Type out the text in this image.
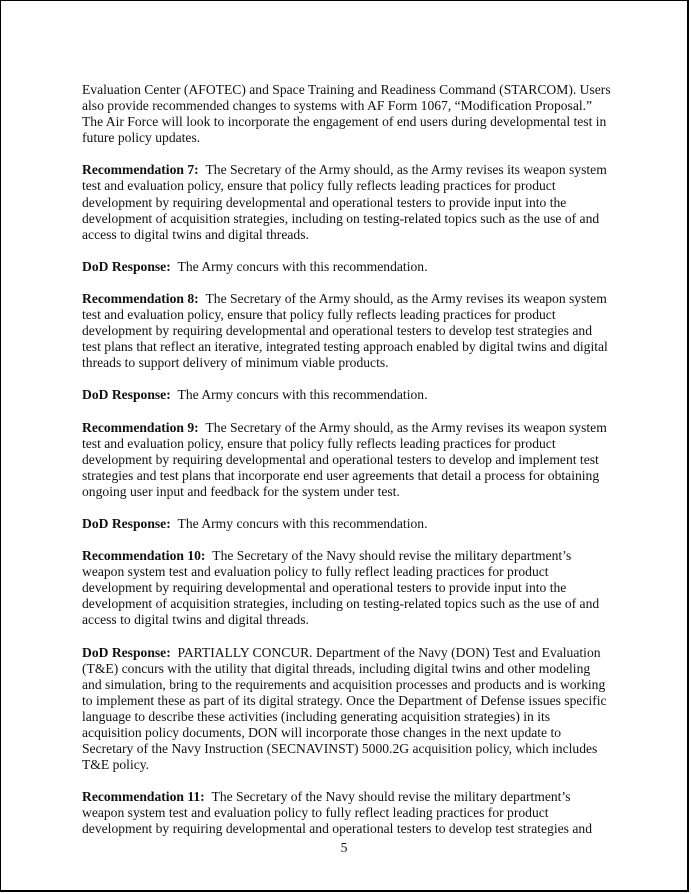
Evaluation Center (AFOTEC) and Space Training and Readiness Command (STARCOM). Users also provide recommended changes to systems with AF Form 1067, “Modification Proposal.” The Air Force will look to incorporate the engagement of end users during developmental test in future policy updates.

Recommendation 7: The Secretary of the Army should, as the Army revises its weapon system test and evaluation policy, ensure that policy fully reflects leading practices for product development by requiring developmental and operational testers to provide input into the development of acquisition strategies, including on testing-related topics such as the use of and access to digital twins and digital threads.

DoD Response: The Army concurs with this recommendation.

Recommendation 8: The Secretary of the Army should, as the Army revises its weapon system test and evaluation policy, ensure that policy fully reflects leading practices for product development by requiring developmental and operational testers to develop test strategies and test plans that reflect an iterative, integrated testing approach enabled by digital twins and digital threads to support delivery of minimum viable products.

DoD Response: The Army concurs with this recommendation.

Recommendation 9: The Secretary of the Army should, as the Army revises its weapon system test and evaluation policy, ensure that policy fully reflects leading practices for product development by requiring developmental and operational testers to develop and implement test strategies and test plans that incorporate end user agreements that detail a process for obtaining ongoing user input and feedback for the system under test.

DoD Response: The Army concurs with this recommendation.

Recommendation 10: The Secretary of the Navy should revise the military department’s weapon system test and evaluation policy to fully reflect leading practices for product development by requiring developmental and operational testers to provide input into the development of acquisition strategies, including on testing-related topics such as the use of and access to digital twins and digital threads.

DoD Response: PARTIALLY CONCUR. Department of the Navy (DON) Test and Evaluation (T&E) concurs with the utility that digital threads, including digital twins and other modeling and simulation, bring to the requirements and acquisition processes and products and is working to implement these as part of its digital strategy. Once the Department of Defense issues specific language to describe these activities (including generating acquisition strategies) in its acquisition policy documents, DON will incorporate those changes in the next update to Secretary of the Navy Instruction (SECNAVINST) 5000.2G acquisition policy, which includes T&E policy.

Recommendation 11: The Secretary of the Navy should revise the military department’s weapon system test and evaluation policy to fully reflect leading practices for product development by requiring developmental and operational testers to develop test strategies and

5
